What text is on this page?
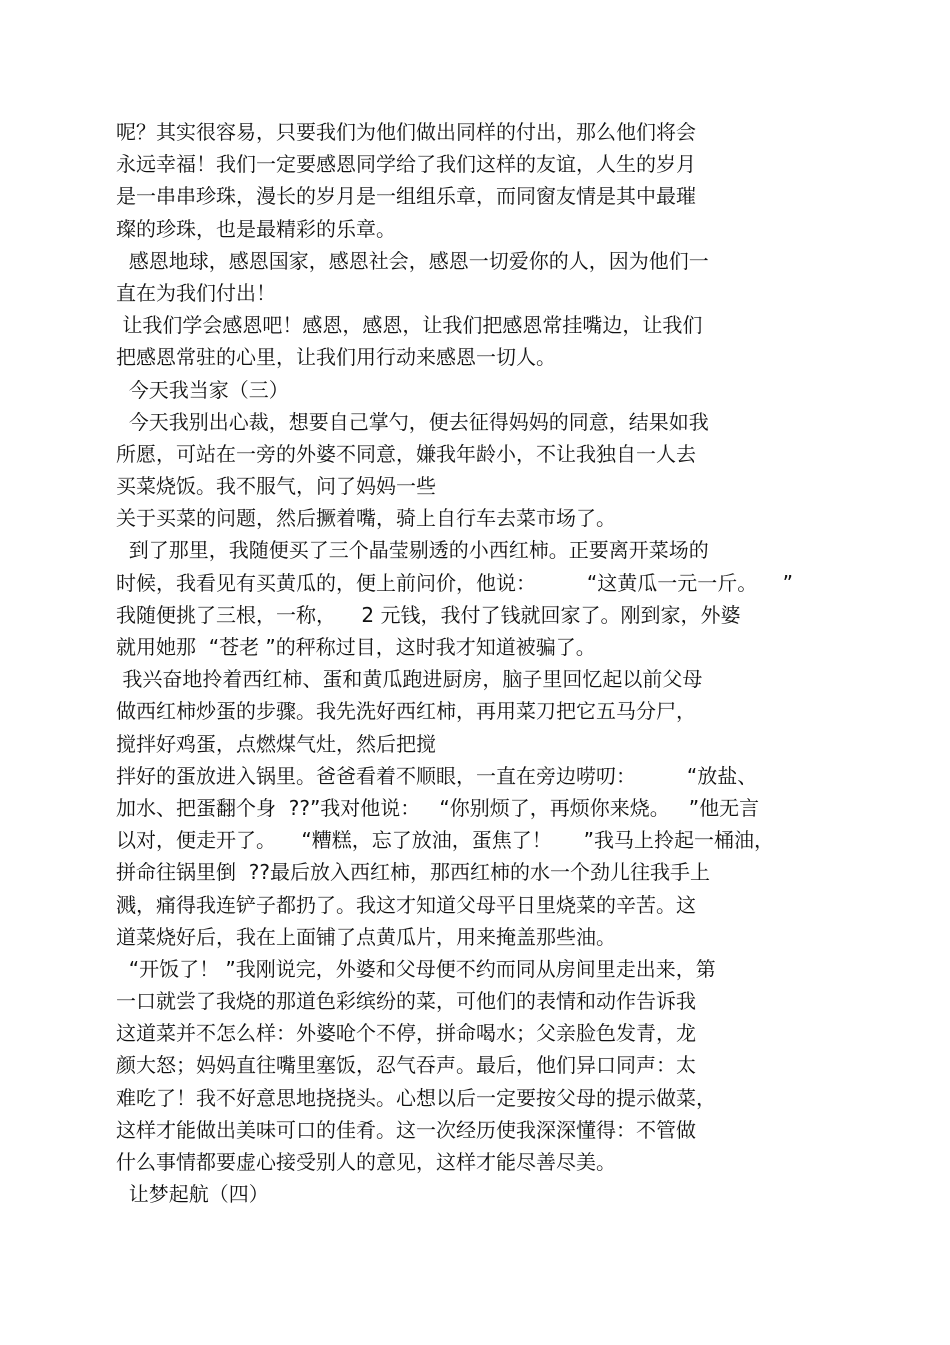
呢？其实很容易，只要我们为他们做出同样的付出，那么他们将会
永远幸福！我们一定要感恩同学给了我们这样的友谊，人生的岁月
是一串串珍珠，漫长的岁月是一组组乐章，而同窗友情是其中最璀
璨的珍珠，也是最精彩的乐章。
感恩地球，感恩国家，感恩社会，感恩一切爱你的人，因为他们一
直在为我们付出！
让我们学会感恩吧！感恩，感恩，让我们把感恩常挂嘴边，让我们
把感恩常驻的心里，让我们用行动来感恩一切人。
今天我当家（三）
今天我别出心裁，想要自己掌勺，便去征得妈妈的同意，结果如我
所愿，可站在一旁的外婆不同意，嫌我年龄小，不让我独自一人去
买菜烧饭。我不服气，问了妈妈一些
关于买菜的问题，然后撅着嘴，骑上自行车去菜市场了。
到了那里，我随便买了三个晶莹剔透的小西红柿。正要离开菜场的
时候，我看见有买黄瓜的，便上前问价，他说：        “这黄瓜一元一斤。    ”
我随便挑了三根，一称，    2 元钱，我付了钱就回家了。刚到家，外婆
就用她那  “苍老 ”的秤称过目，这时我才知道被骗了。
我兴奋地拎着西红柿、蛋和黄瓜跑进厨房，脑子里回忆起以前父母
做西红柿炒蛋的步骤。我先洗好西红柿，再用菜刀把它五马分尸，
搅拌好鸡蛋，点燃煤气灶，然后把搅
拌好的蛋放进入锅里。爸爸看着不顺眼，一直在旁边唠叨：        “放盐、
加水、把蛋翻个身  ??”我对他说：   “你别烦了，再烦你来烧。   ”他无言
以对，便走开了。    “糟糕，忘了放油，蛋焦了！     ”我马上拎起一桶油，
拼命往锅里倒  ??最后放入西红柿，那西红柿的水一个劲儿往我手上
溅，痛得我连铲子都扔了。我这才知道父母平日里烧菜的辛苦。这
道菜烧好后，我在上面铺了点黄瓜片，用来掩盖那些油。
“开饭了！ ”我刚说完，外婆和父母便不约而同从房间里走出来，第
一口就尝了我烧的那道色彩缤纷的菜，可他们的表情和动作告诉我
这道菜并不怎么样：外婆呛个不停，拼命喝水；父亲脸色发青，龙
颜大怒；妈妈直往嘴里塞饭，忍气吞声。最后，他们异口同声：太
难吃了！我不好意思地挠挠头。心想以后一定要按父母的提示做菜，
这样才能做出美味可口的佳肴。这一次经历使我深深懂得：不管做
什么事情都要虚心接受别人的意见，这样才能尽善尽美。
让梦起航（四）
